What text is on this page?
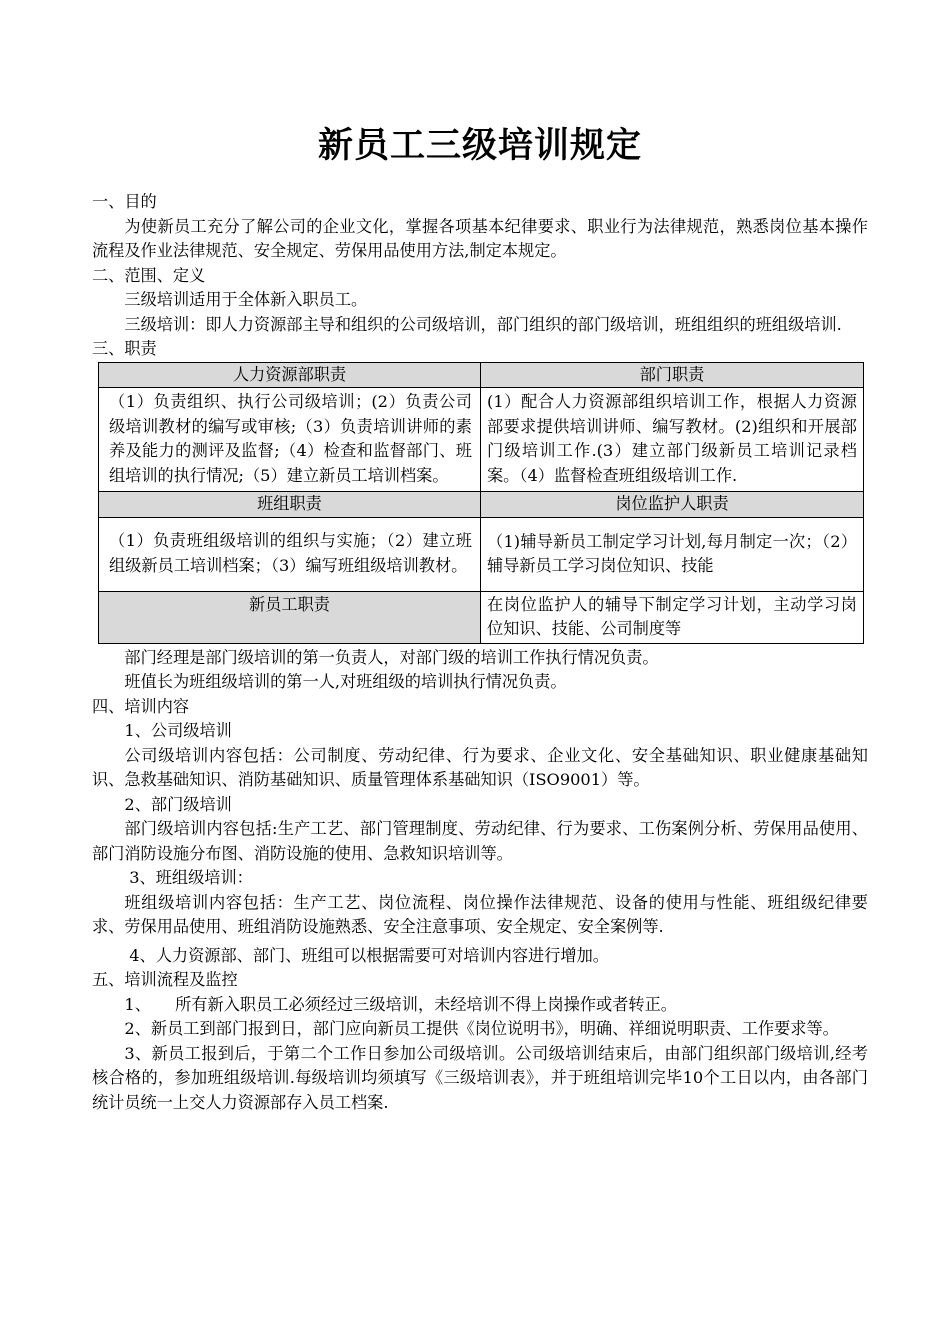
新员工三级培训规定

一、目的

为使新员工充分了解公司的企业文化，掌握各项基本纪律要求、职业行为法律规范，熟悉岗位基本操作流程及作业法律规范、安全规定、劳保用品使用方法,制定本规定。

二、范围、定义

三级培训适用于全体新入职员工。

三级培训：即人力资源部主导和组织的公司级培训，部门组织的部门级培训，班组组织的班组级培训.

三、职责

人力资源部职责	部门职责
（1）负责组织、执行公司级培训；(2）负责公司级培训教材的编写或审核;（3）负责培训讲师的素养及能力的测评及监督;（4）检查和监督部门、班组培训的执行情况;（5）建立新员工培训档案。	(1）配合人力资源部组织培训工作，根据人力资源部要求提供培训讲师、编写教材。(2)组织和开展部门级培训工作.(3）建立部门级新员工培训记录档案。（4）监督检查班组级培训工作.
班组职责	岗位监护人职责
（1）负责班组级培训的组织与实施；（2）建立班组级新员工培训档案；（3）编写班组级培训教材。	（1)辅导新员工制定学习计划,每月制定一次；（2）辅导新员工学习岗位知识、技能
新员工职责	在岗位监护人的辅导下制定学习计划，主动学习岗位知识、技能、公司制度等

部门经理是部门级培训的第一负责人，对部门级的培训工作执行情况负责。

班值长为班组级培训的第一人,对班组级的培训执行情况负责。

四、培训内容

1、公司级培训

公司级培训内容包括：公司制度、劳动纪律、行为要求、企业文化、安全基础知识、职业健康基础知识、急救基础知识、消防基础知识、质量管理体系基础知识（ISO9001）等。

2、部门级培训

部门级培训内容包括:生产工艺、部门管理制度、劳动纪律、行为要求、工伤案例分析、劳保用品使用、部门消防设施分布图、消防设施的使用、急救知识培训等。

3、班组级培训：

班组级培训内容包括：生产工艺、岗位流程、岗位操作法律规范、设备的使用与性能、班组级纪律要求、劳保用品使用、班组消防设施熟悉、安全注意事项、安全规定、安全案例等.

4、人力资源部、部门、班组可以根据需要可对培训内容进行增加。

五、培训流程及监控

1、　　所有新入职员工必须经过三级培训，未经培训不得上岗操作或者转正。

2、新员工到部门报到日，部门应向新员工提供《岗位说明书》，明确、祥细说明职责、工作要求等。

3、新员工报到后，于第二个工作日参加公司级培训。公司级培训结束后，由部门组织部门级培训,经考核合格的，参加班组级培训.每级培训均须填写《三级培训表》，并于班组培训完毕10个工日以内，由各部门统计员统一上交人力资源部存入员工档案.
